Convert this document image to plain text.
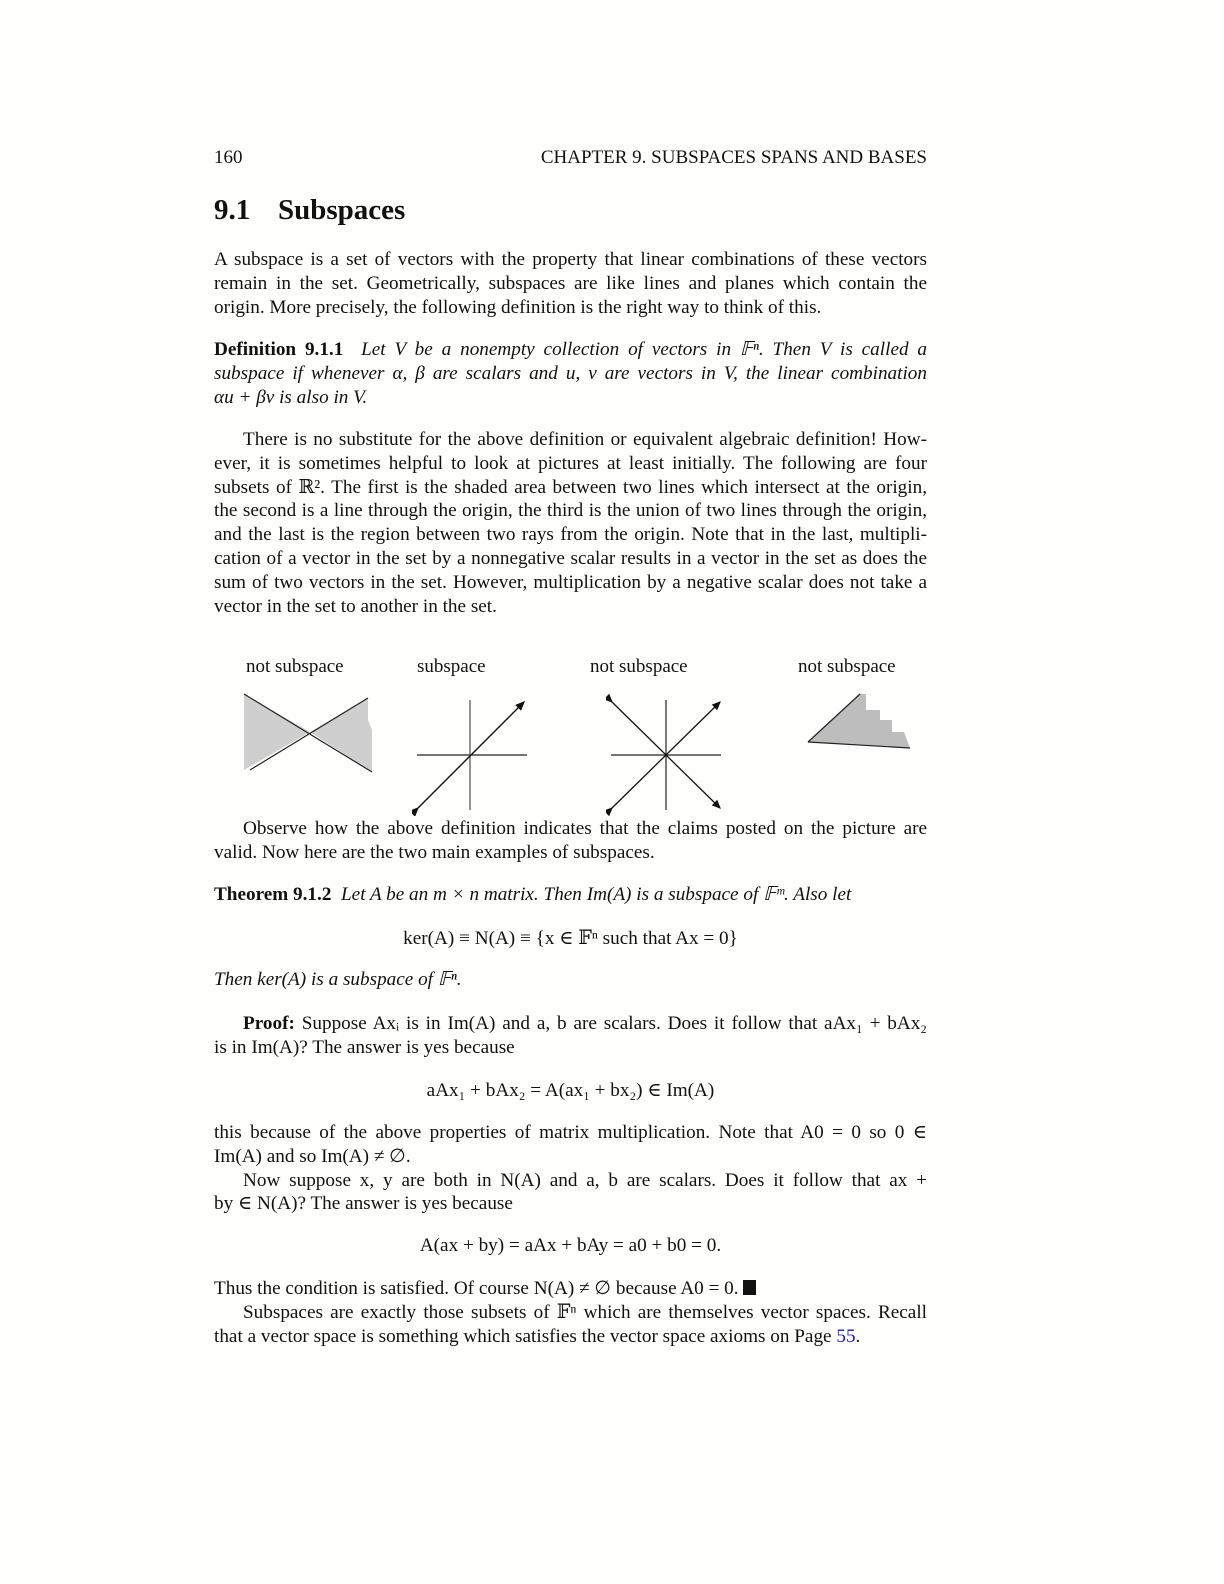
160	CHAPTER 9. SUBSPACES SPANS AND BASES
9.1 Subspaces
A subspace is a set of vectors with the property that linear combinations of these vectors
remain in the set. Geometrically, subspaces are like lines and planes which contain the
origin. More precisely, the following definition is the right way to think of this.
Definition 9.1.1 Let V be a nonempty collection of vectors in 𝔽ⁿ. Then V is called a
subspace if whenever α, β are scalars and u, v are vectors in V, the linear combination
αu + βv is also in V.
There is no substitute for the above definition or equivalent algebraic definition! How-
ever, it is sometimes helpful to look at pictures at least initially. The following are four
subsets of ℝ². The first is the shaded area between two lines which intersect at the origin,
the second is a line through the origin, the third is the union of two lines through the origin,
and the last is the region between two rays from the origin. Note that in the last, multipli-
cation of a vector in the set by a nonnegative scalar results in a vector in the set as does the
sum of two vectors in the set. However, multiplication by a negative scalar does not take a
vector in the set to another in the set.
not subspace	subspace	not subspace	not subspace
Observe how the above definition indicates that the claims posted on the picture are
valid. Now here are the two main examples of subspaces.
Theorem 9.1.2 Let A be an m × n matrix. Then Im(A) is a subspace of 𝔽ᵐ. Also let
ker(A) ≡ N(A) ≡ {x ∈ 𝔽ⁿ such that Ax = 0}
Then ker(A) is a subspace of 𝔽ⁿ.
Proof: Suppose Axᵢ is in Im(A) and a, b are scalars. Does it follow that aAx₁ + bAx₂
is in Im(A)? The answer is yes because
aAx₁ + bAx₂ = A(ax₁ + bx₂) ∈ Im(A)
this because of the above properties of matrix multiplication. Note that A0 = 0 so 0 ∈
Im(A) and so Im(A) ≠ ∅.
Now suppose x, y are both in N(A) and a, b are scalars. Does it follow that ax +
by ∈ N(A)? The answer is yes because
A(ax + by) = aAx + bAy = a0 + b0 = 0.
Thus the condition is satisfied. Of course N(A) ≠ ∅ because A0 = 0.
Subspaces are exactly those subsets of 𝔽ⁿ which are themselves vector spaces. Recall
that a vector space is something which satisfies the vector space axioms on Page 55.
